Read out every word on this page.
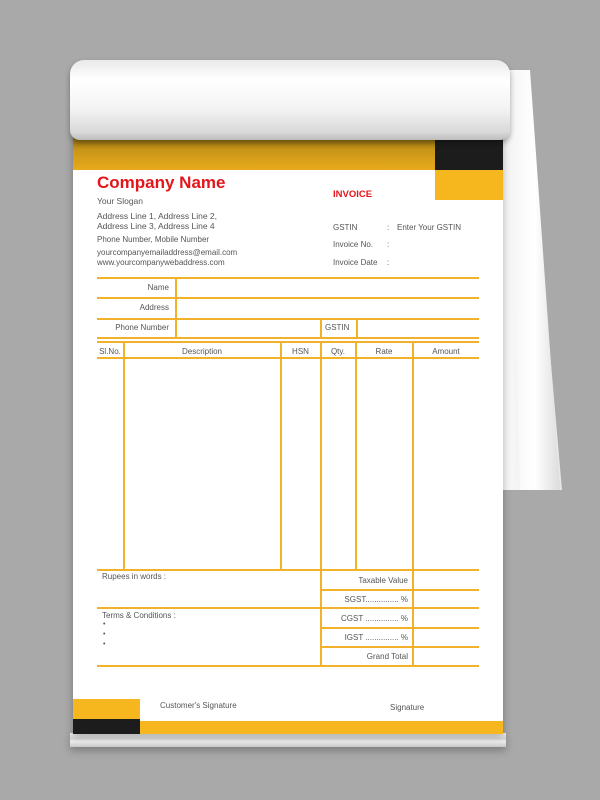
Company Name
Your Slogan
Address Line 1, Address Line 2,
Address Line 3, Address Line 4
Phone Number, Mobile Number
yourcompanyemailaddress@email.com
www.yourcompanywebaddress.com
INVOICE
GSTIN	: Enter Your GSTIN
Invoice No.	:
Invoice Date	:
Name
Address
Phone Number	GSTIN
Sl.No.	Description	HSN	Qty.	Rate	Amount
Rupees in words :
Terms & Conditions :
•
•
•
Taxable Value
SGST............... %
CGST ............... %
IGST ............... %
Grand Total
Customer's Signature	Signature
